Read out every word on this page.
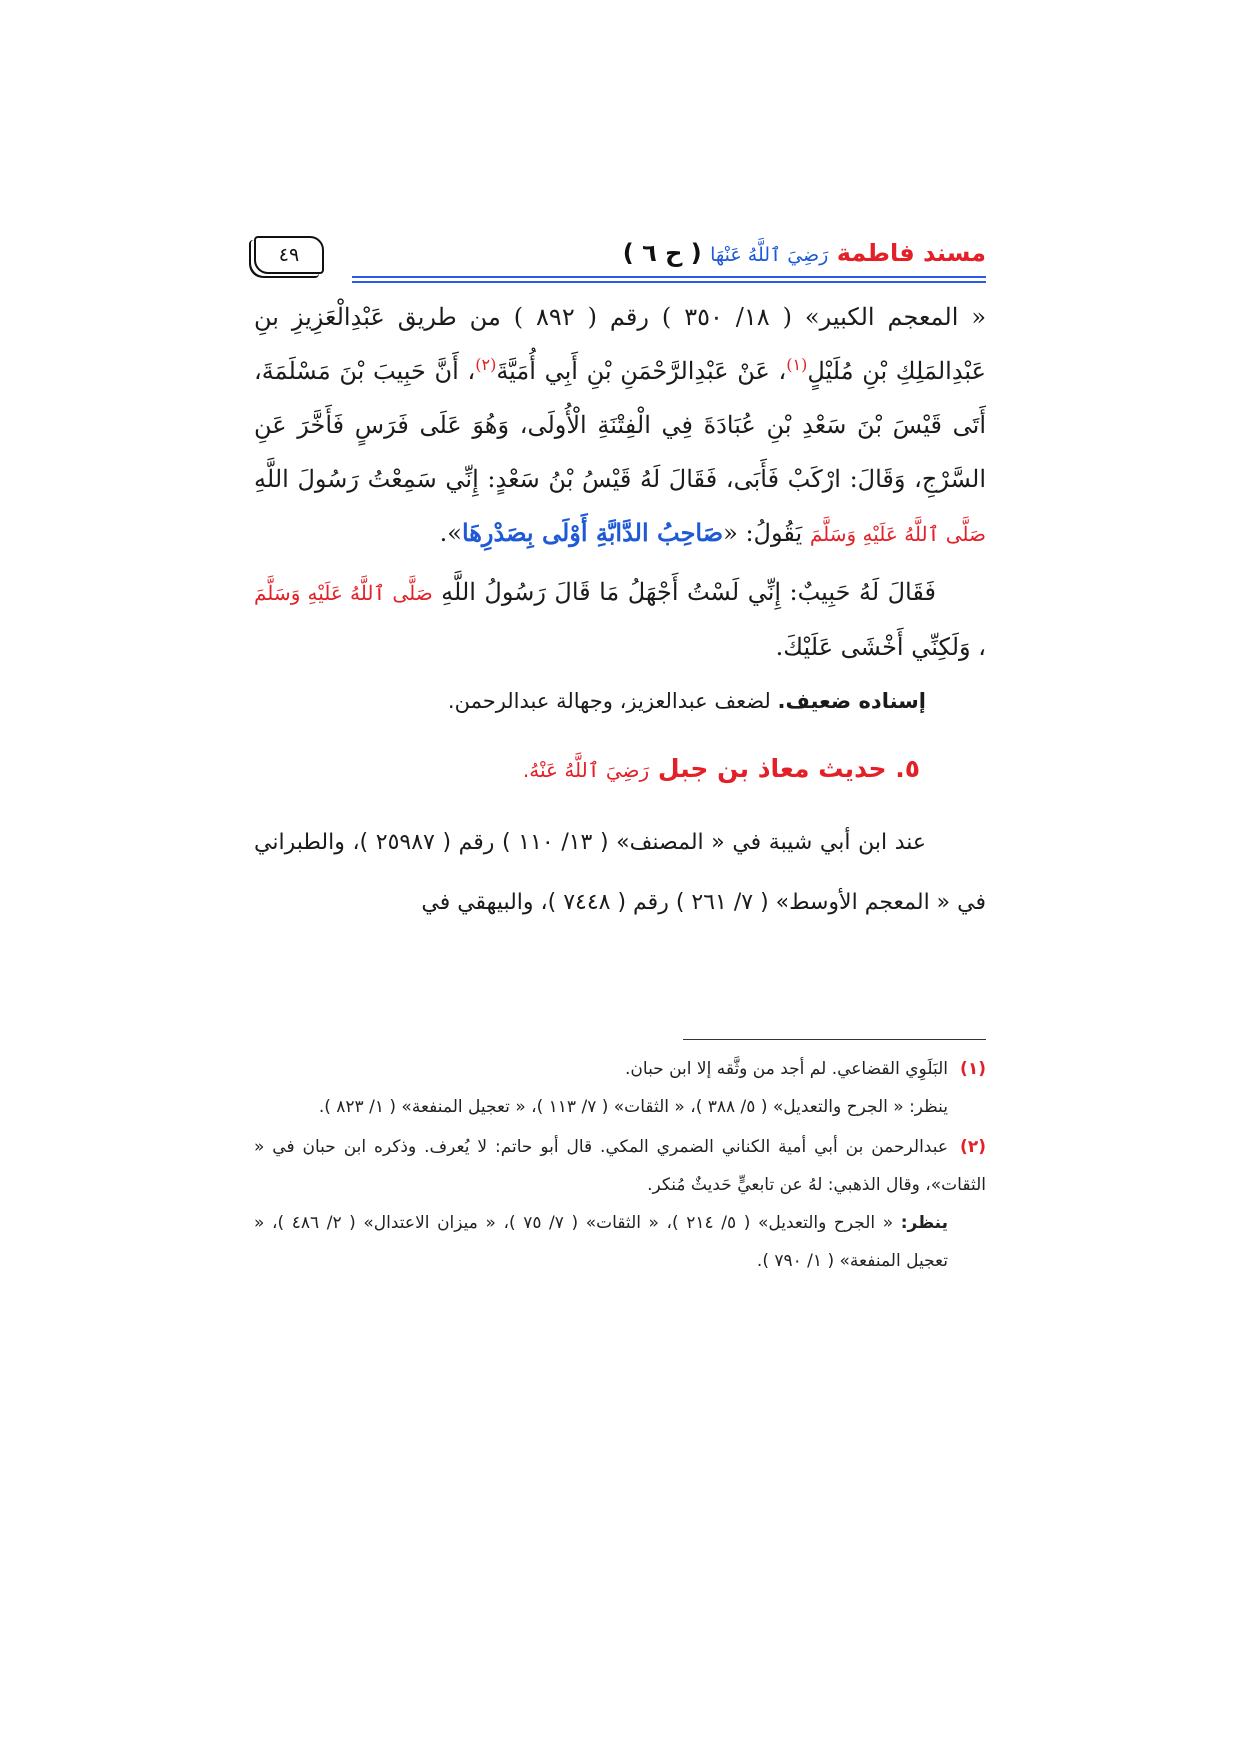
٤٩	مسند فاطمة رَضِيَ ٱللَّهُ عَنْهَا ( ح ٦ )
« المعجم الكبير» ( ١٨/ ٣٥٠ ) رقم ( ٨٩٢ ) من طريق عَبْدِالْعَزِيزِ بنِ عَبْدِالمَلِكِ بْنِ مُلَيْلٍ$^{(١)}$، عَنْ عَبْدِالرَّحْمَنِ بْنِ أَبِي أُمَيَّةَ$^{(٢)}$، أَنَّ حَبِيبَ بْنَ مَسْلَمَةَ، أَتَى قَيْسَ بْنَ سَعْدِ بْنِ عُبَادَةَ فِي الْفِتْنَةِ الْأُولَى، وَهُوَ عَلَى فَرَسٍ فَأَخَّرَ عَنِ السَّرْجِ، وَقَالَ: ارْكَبْ فَأَبَى، فَقَالَ لَهُ قَيْسُ بْنُ سَعْدٍ: إِنِّي سَمِعْتُ رَسُولَ اللَّهِ صَلَّى ٱللَّهُ عَلَيْهِ وَسَلَّمَ يَقُولُ: «صَاحِبُ الدَّابَّةِ أَوْلَى بِصَدْرِهَا».
فَقَالَ لَهُ حَبِيبٌ: إِنِّي لَسْتُ أَجْهَلُ مَا قَالَ رَسُولُ اللَّهِ صَلَّى ٱللَّهُ عَلَيْهِ وَسَلَّمَ ، وَلَكِنِّي أَخْشَى عَلَيْكَ.
إسناده ضعيف. لضعف عبدالعزيز، وجهالة عبدالرحمن.
٥. حديث معاذ بن جبل رَضِيَ ٱللَّهُ عَنْهُ.
عند ابن أبي شيبة في « المصنف» ( ١٣/ ١١٠ ) رقم ( ٢٥٩٨٧ )، والطبراني في « المعجم الأوسط» ( ٧/ ٢٦١ ) رقم ( ٧٤٤٨ )، والبيهقي في
(١)البَلَوِي القضاعي. لم أجد من وثَّقه إلا ابن حبان.
ينظر: « الجرح والتعديل» ( ٥/ ٣٨٨ )، « الثقات» ( ٧/ ١١٣ )، « تعجيل المنفعة» ( ١/ ٨٢٣ ).
(٢)عبدالرحمن بن أبي أمية الكناني الضمري المكي. قال أبو حاتم: لا يُعرف. وذكره ابن حبان في « الثقات»، وقال الذهبي: لهُ عن تابعيٍّ حَديثٌ مُنكر.
ينظر: « الجرح والتعديل» ( ٥/ ٢١٤ )، « الثقات» ( ٧/ ٧٥ )، « ميزان الاعتدال» ( ٢/ ٤٨٦ )، « تعجيل المنفعة» ( ١/ ٧٩٠ ).
